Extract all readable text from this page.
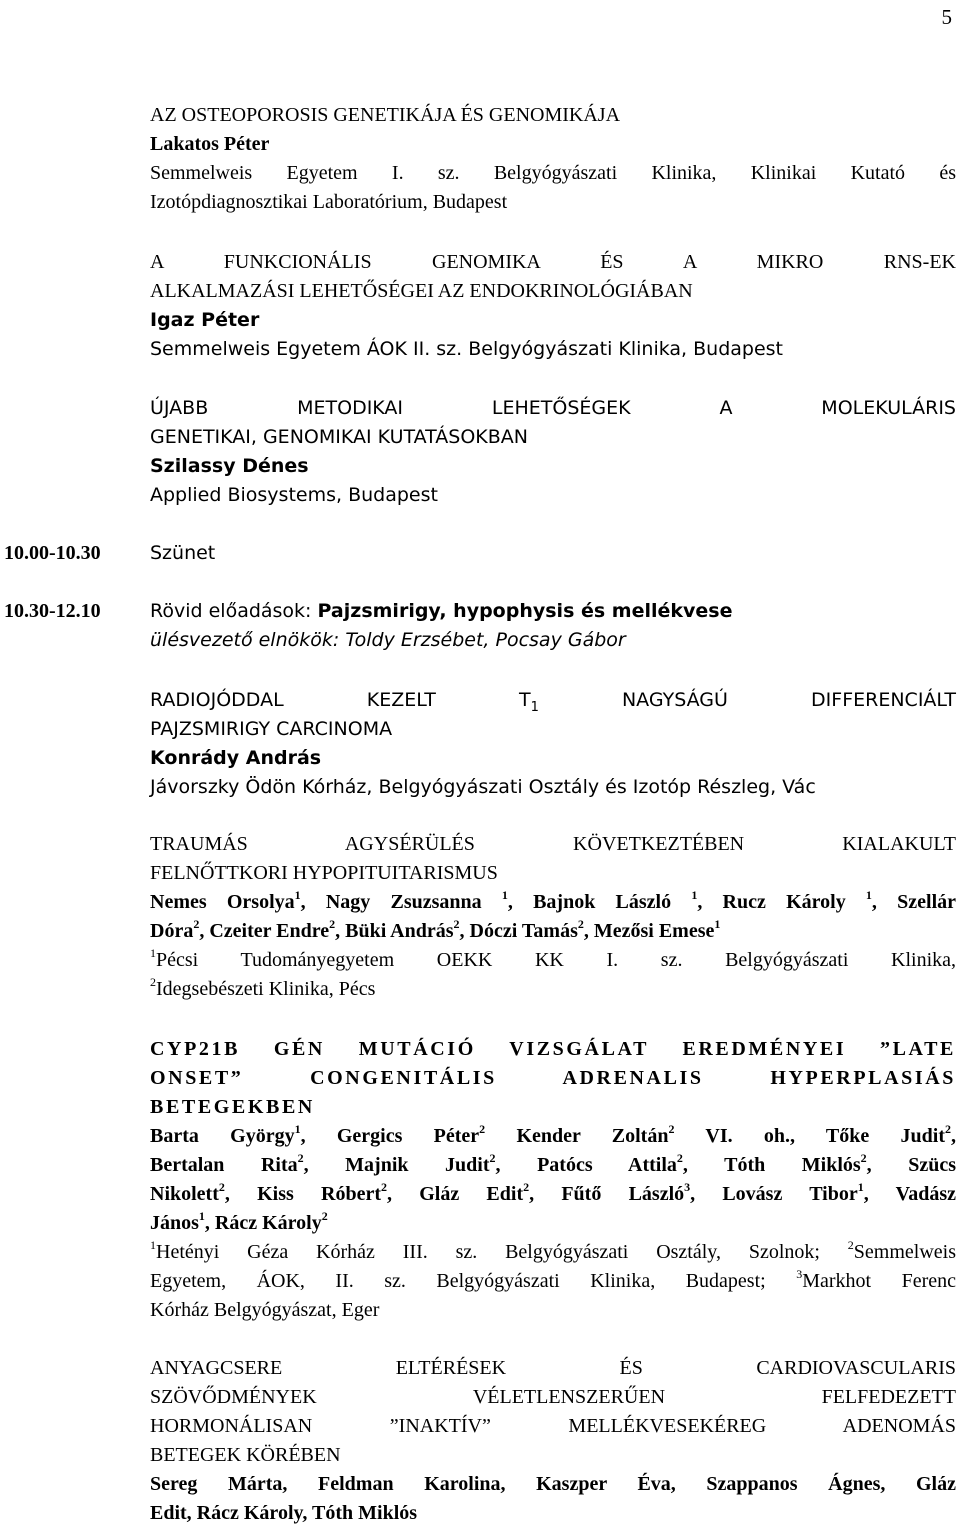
5
AZ OSTEOPOROSIS GENETIKÁJA ÉS GENOMIKÁJA
Lakatos Péter
Semmelweis Egyetem I. sz. Belgyógyászati Klinika, Klinikai Kutató és
Izotópdiagnosztikai Laboratórium, Budapest
A FUNKCIONÁLIS GENOMIKA ÉS A MIKRO RNS-EK
ALKALMAZÁSI LEHETŐSÉGEI AZ ENDOKRINOLÓGIÁBAN
Igaz Péter
Semmelweis Egyetem ÁOK II. sz. Belgyógyászati Klinika, Budapest
ÚJABB METODIKAI LEHETŐSÉGEK A MOLEKULÁRIS
GENETIKAI, GENOMIKAI KUTATÁSOKBAN
Szilassy Dénes
Applied Biosystems, Budapest
10.00-10.30	Szünet
10.30-12.10	Rövid előadások: Pajzsmirigy, hypophysis és mellékvese
ülésvezető elnökök: Toldy Erzsébet, Pocsay Gábor
RADIOJÓDDAL KEZELT	$T_1$	NAGYSÁGÚ DIFFERENCIÁLT
PAJZSMIRIGY CARCINOMA
Konrády András
Jávorszky Ödön Kórház, Belgyógyászati Osztály és Izotóp Részleg, Vác
TRAUMÁS AGYSÉRÜLÉS KÖVETKEZTÉBEN KIALAKULT
FELNŐTTKORI HYPOPITUITARISMUS
Nemes Orsolya$^1$, Nagy Zsuzsanna $^1$, Bajnok László $^1$, Rucz Károly $^1$, Szellár
Dóra$^2$, Czeiter Endre$^2$, Büki András$^2$, Dóczi Tamás$^2$, Mezősi Emese$^1$
$^1$Pécsi Tudományegyetem OEKK KK I. sz. Belgyógyászati Klinika,
$^2$Idegsebészeti Klinika, Pécs
CYP21B GÉN MUTÁCIÓ VIZSGÁLAT EREDMÉNYEI ”LATE
ONSET” CONGENITÁLIS ADRENALIS HYPERPLASIÁS
BETEGEKBEN
Barta György$^1$, Gergics Péter$^2$ Kender Zoltán$^2$ VI. oh., Tőke Judit$^2$,
Bertalan Rita$^2$, Majnik Judit$^2$, Patócs Attila$^2$, Tóth Miklós$^2$, Szücs
Nikolett$^2$, Kiss Róbert$^2$, Gláz Edit$^2$, Fűtő László$^3$, Lovász Tibor$^1$, Vadász
János$^1$, Rácz Károly$^2$
$^1$Hetényi Géza Kórház III. sz. Belgyógyászati Osztály, Szolnok; $^2$Semmelweis
Egyetem, ÁOK, II. sz. Belgyógyászati Klinika, Budapest;	$^3$Markhot Ferenc
Kórház Belgyógyászat, Eger
ANYAGCSERE ELTÉRÉSEK ÉS CARDIOVASCULARIS
SZÖVŐDMÉNYEK VÉLETLENSZERŰEN FELFEDEZETT
HORMONÁLISAN ”INAKTÍV” MELLÉKVESEKÉREG ADENOMÁS
BETEGEK KÖRÉBEN
Sereg Márta, Feldman Karolina, Kaszper Éva, Szappanos Ágnes, Gláz
Edit, Rácz Károly, Tóth Miklós
